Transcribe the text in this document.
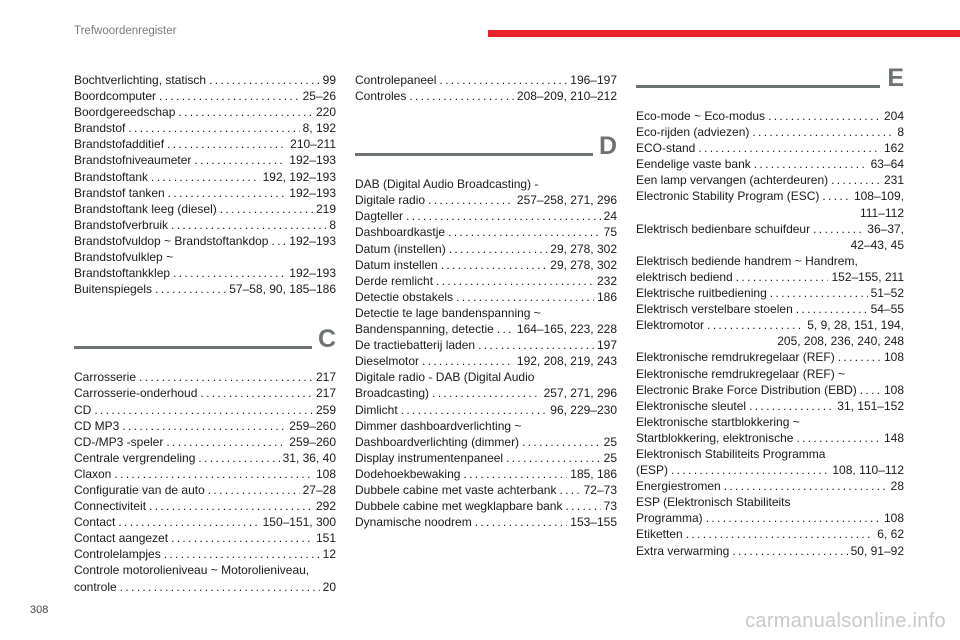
Trefwoordenregister
Bochtverlichting, statisch . . .	99
Boordcomputer . . .	25–26
Boordgereedschap . . .	220
Brandstof . . .	8, 192
Brandstofadditief . . .	210–211
Brandstofniveaumeter . . .	192–193
Brandstoftank . . .	192, 192–193
Brandstof tanken . . .	192–193
Brandstoftank leeg (diesel) . . .	219
Brandstofverbruik . . .	8
Brandstofvuldop ~ Brandstoftankdop . . . 192–193
Brandstofvulklep ~
Brandstoftankklep . . .	192–193
Buitenspiegels . . .	57–58, 90, 185–186
C
Carrosserie . . .	217
Carrosserie-onderhoud . . .	217
CD . . .	259
CD MP3 . . .	259–260
CD-/MP3 -speler . . .	259–260
Centrale vergrendeling . . .	31, 36, 40
Claxon . . .	108
Configuratie van de auto . . .	27–28
Connectiviteit . . .	292
Contact . . .	150–151, 300
Contact aangezet . . .	151
Controlelampjes . . .	12
Controle motorolieniveau ~ Motorolieniveau,
controle . . .	20
Controlepaneel . . .	196–197
Controles . . .	208–209, 210–212
D
DAB (Digital Audio Broadcasting) -
Digitale radio . . .	257–258, 271, 296
Dagteller . . .	24
Dashboardkastje . . .	75
Datum (instellen) . . .	29, 278, 302
Datum instellen . . .	29, 278, 302
Derde remlicht . . .	232
Detectie obstakels . . .	186
Detectie te lage bandenspanning ~
Bandenspanning, detectie . . . 164–165, 223, 228
De tractiebatterij laden . . .	197
Dieselmotor . . .	192, 208, 219, 243
Digitale radio - DAB (Digital Audio
Broadcasting) . . .	257, 271, 296
Dimlicht . . .	96, 229–230
Dimmer dashboardverlichting ~
Dashboardverlichting (dimmer) . . .	25
Display instrumentenpaneel . . .	25
Dodehoekbewaking . . .	185, 186
Dubbele cabine met vaste achterbank . . . 72–73
Dubbele cabine met wegklapbare bank . . .	73
Dynamische noodrem . . .	153–155
E
Eco-mode ~ Eco-modus . . .	204
Eco-rijden (adviezen) . . .	8
ECO-stand . . .	162
Eendelige vaste bank . . .	63–64
Een lamp vervangen (achterdeuren) . . .	231
Electronic Stability Program (ESC) . . .	108–109,
111–112
Elektrisch bedienbare schuifdeur . . .	36–37,
42–43, 45
Elektrisch bediende handrem ~ Handrem,
elektrisch bediend . . .	152–155, 211
Elektrische ruitbediening . . .	51–52
Elektrisch verstelbare stoelen . . .	54–55
Elektromotor . . .	5, 9, 28, 151, 194,
205, 208, 236, 240, 248
Elektronische remdrukregelaar (REF) . . .	108
Elektronische remdrukregelaar (REF) ~
Electronic Brake Force Distribution (EBD) . . . 108
Elektronische sleutel . . .	31, 151–152
Elektronische startblokkering ~
Startblokkering, elektronische . . .	148
Elektronisch Stabiliteits Programma
(ESP) . . .	108, 110–112
Energiestromen . . .	28
ESP (Elektronisch Stabiliteits
Programma) . . .	108
Etiketten . . .	6, 62
Extra verwarming . . .	50, 91–92
308	carmanualsonline.info
